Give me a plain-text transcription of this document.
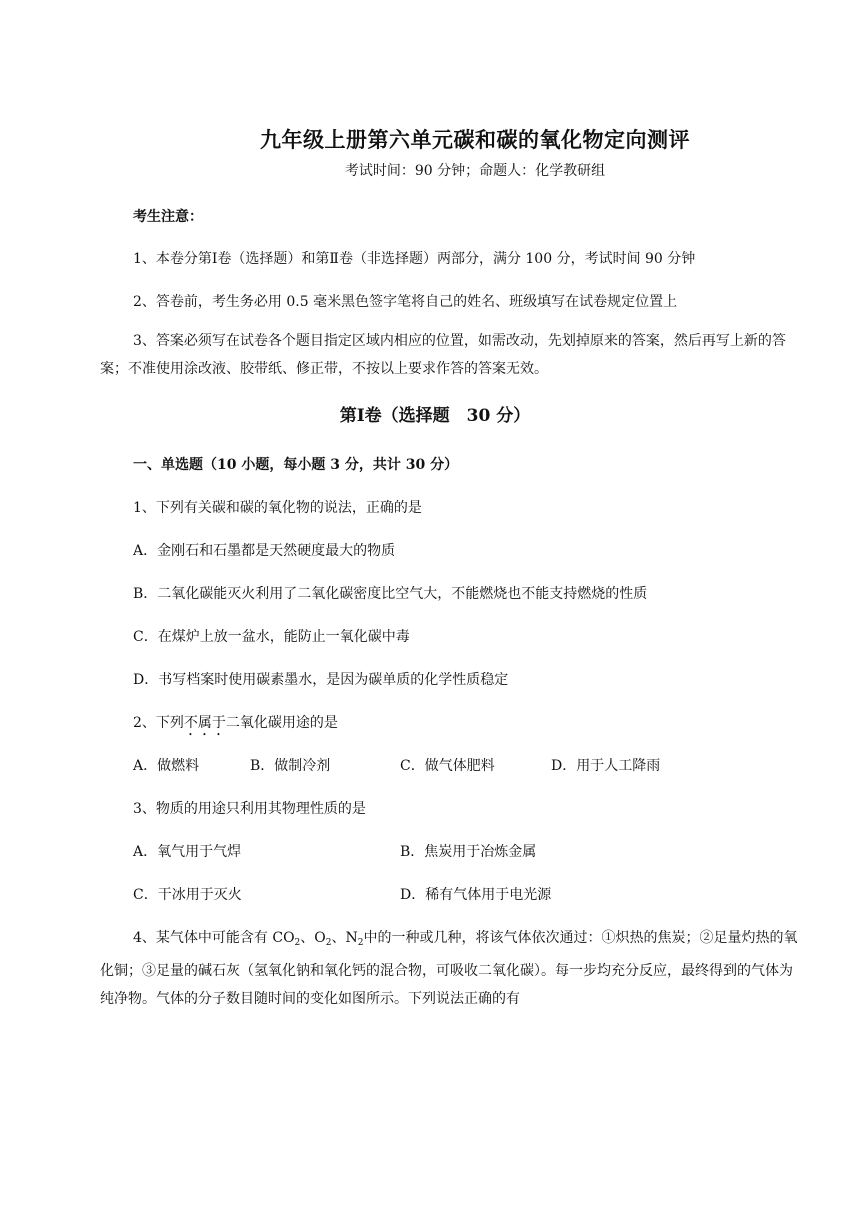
九年级上册第六单元碳和碳的氧化物定向测评
考试时间：90 分钟；命题人：化学教研组
考生注意：
1、本卷分第Ⅰ卷（选择题）和第Ⅱ卷（非选择题）两部分，满分 100 分，考试时间 90 分钟
2、答卷前，考生务必用 0.5 毫米黑色签字笔将自己的姓名、班级填写在试卷规定位置上
3、答案必须写在试卷各个题目指定区域内相应的位置，如需改动，先划掉原来的答案，然后再写上新的答案；不准使用涂改液、胶带纸、修正带，不按以上要求作答的答案无效。
第Ⅰ卷（选择题　30 分）
一、单选题（10 小题，每小题 3 分，共计 30 分）
1、下列有关碳和碳的氧化物的说法，正确的是
A．金刚石和石墨都是天然硬度最大的物质
B．二氧化碳能灭火利用了二氧化碳密度比空气大，不能燃烧也不能支持燃烧的性质
C．在煤炉上放一盆水，能防止一氧化碳中毒
D．书写档案时使用碳素墨水，是因为碳单质的化学性质稳定
2、下列不属于二氧化碳用途的是
A．做燃料	B．做制冷剂	C．做气体肥料	D．用于人工降雨
3、物质的用途只利用其物理性质的是
A．氧气用于气焊	B．焦炭用于冶炼金属
C．干冰用于灭火	D．稀有气体用于电光源
4、某气体中可能含有 $CO_2$、$O_2$、$N_2$中的一种或几种，将该气体依次通过：①炽热的焦炭；②足量灼热的氧化铜；③足量的碱石灰（氢氧化钠和氧化钙的混合物，可吸收二氧化碳）。每一步均充分反应，最终得到的气体为纯净物。气体的分子数目随时间的变化如图所示。下列说法正确的有
